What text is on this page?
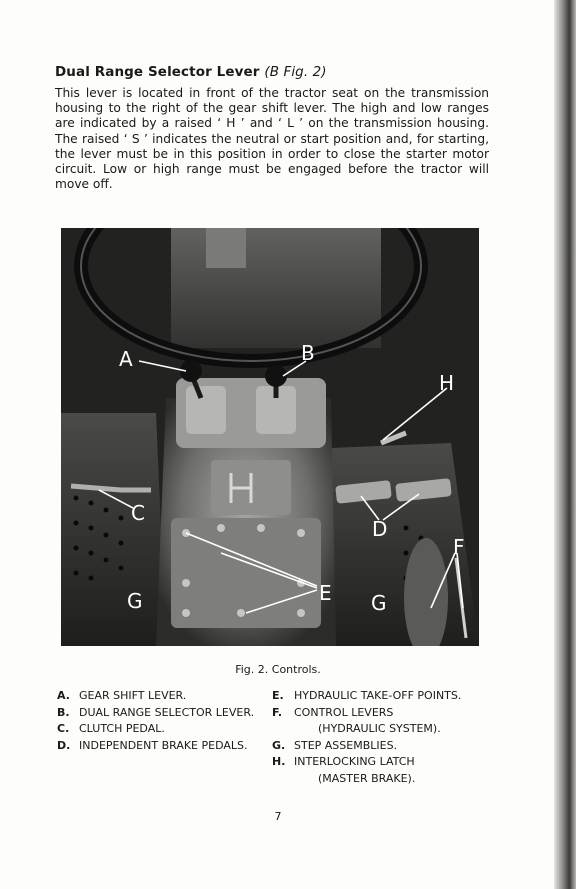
Dual Range Selector Lever (B Fig. 2)
This lever is located in front of the tractor seat on the transmission housing to the right of the gear shift lever. The high and low ranges are indicated by a raised ‘ H ’ and ‘ L ’ on the transmission housing. The raised ‘ S ’ indicates the neutral or start position and, for starting, the lever must be in this position in order to close the starter motor circuit. Low or high range must be engaged before the tractor will move off.
A	B
C
D
E
F
G	G
H
Fig. 2. Controls.
A. GEAR SHIFT LEVER.
B. DUAL RANGE SELECTOR LEVER.
C. CLUTCH PEDAL.
D. INDEPENDENT BRAKE PEDALS.
E. HYDRAULIC TAKE-OFF POINTS.
F.	CONTROL LEVERS
(HYDRAULIC SYSTEM).
G. STEP ASSEMBLIES.
H. INTERLOCKING LATCH
(MASTER BRAKE).
7
